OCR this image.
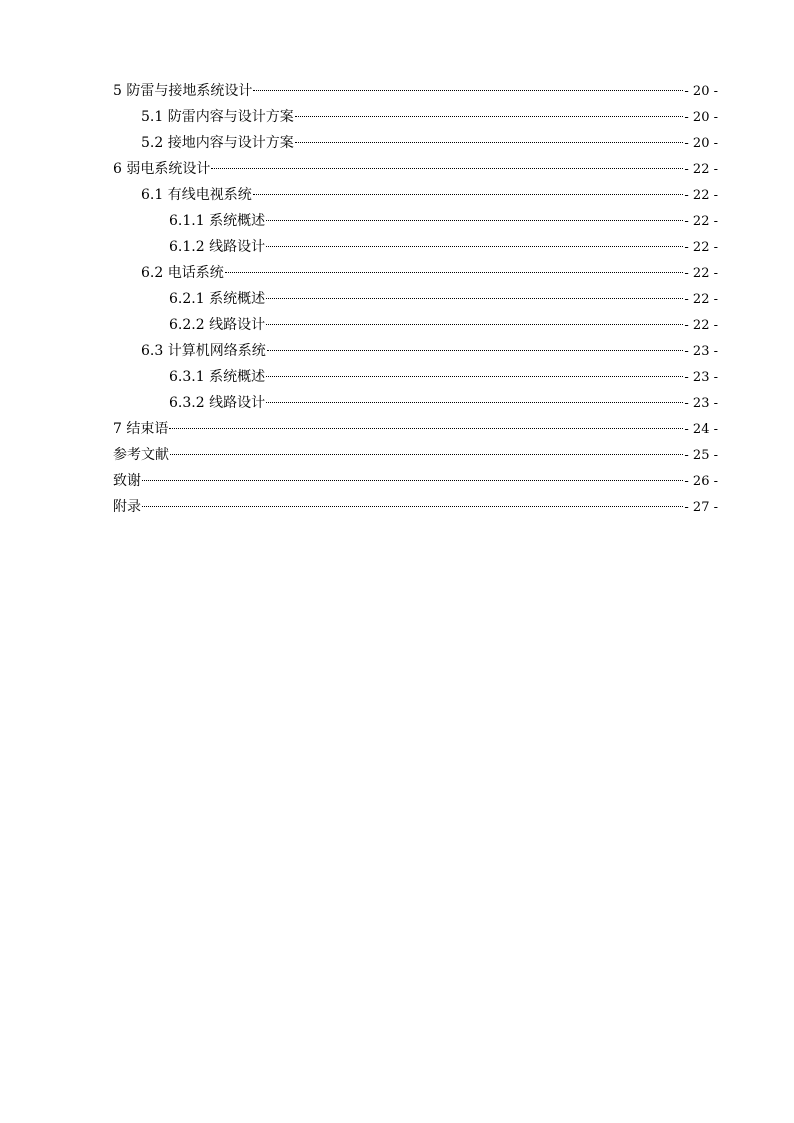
5 防雷与接地系统设计	- 20 -
5.1 防雷内容与设计方案	- 20 -
5.2 接地内容与设计方案	- 20 -
6 弱电系统设计	- 22 -
6.1 有线电视系统	- 22 -
6.1.1 系统概述	- 22 -
6.1.2 线路设计	- 22 -
6.2 电话系统	- 22 -
6.2.1 系统概述	- 22 -
6.2.2 线路设计	- 22 -
6.3 计算机网络系统	- 23 -
6.3.1 系统概述	- 23 -
6.3.2 线路设计	- 23 -
7 结束语	- 24 -
参考文献	- 25 -
致谢	- 26 -
附录	- 27 -
